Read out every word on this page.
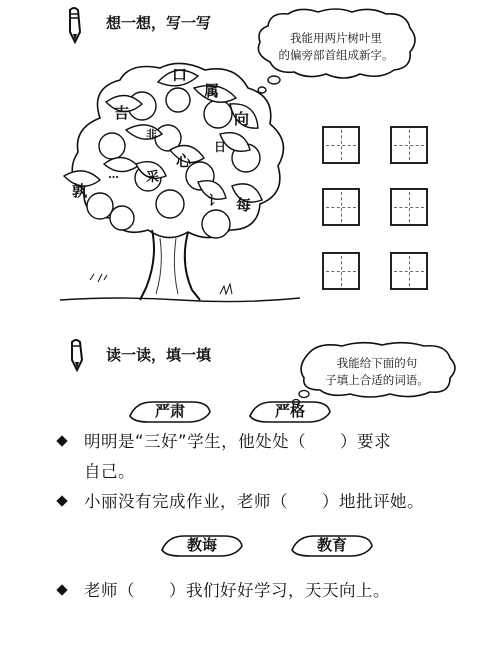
想一想，写一写
我能用两片树叶里
的偏旁部首组成新字。
口
属
吉
非
向
日
心
… 采
孰
讠 每
读一读，填一填	我能给下面的句
子填上合适的词语。
严肃	严格
明明是“三好”学生，他处处（　　）要求
自己。
小丽没有完成作业，老师（　　）地批评她。
教诲	教育
老师（　　）我们好好学习，天天向上。
